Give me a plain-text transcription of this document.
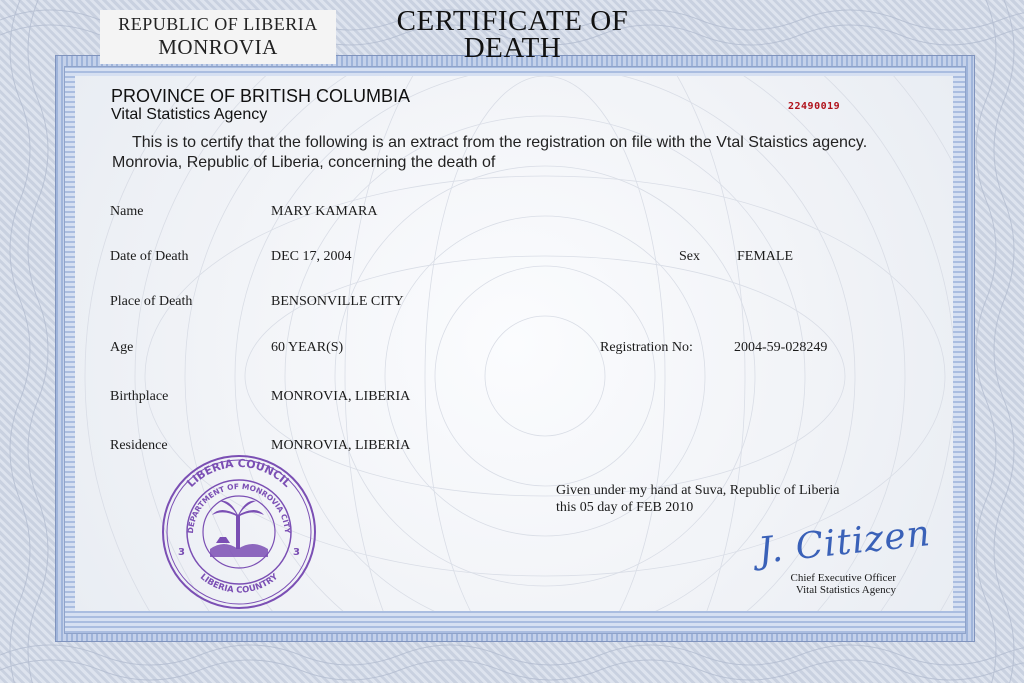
REPUBLIC OF LIBERIA
MONROVIA
CERTIFICATE OF
DEATH
PROVINCE OF BRITISH COLUMBIA
Vital Statistics Agency	22490019
This is to certify that the following is an extract from the registration on file with the Vtal Staistics agency.
Monrovia, Republic of Liberia, concerning the death of
Name	MARY KAMARA
Date of Death	DEC 17, 2004	Sex	FEMALE
Place of Death	BENSONVILLE CITY
Age	60 YEAR(S)	Registration No:	2004-59-028249
Birthplace	MONROVIA, LIBERIA
Residence	MONROVIA, LIBERIA
Given under my hand at Suva, Republic of Liberia
this 05 day of FEB 2010
J. Citizen
Chief Executive Officer
Vital Statistics Agency
LIBERIA COUNCIL
DEPARTMENT OF MONROVIA CITY
LIBERIA COUNTRY
3	3
